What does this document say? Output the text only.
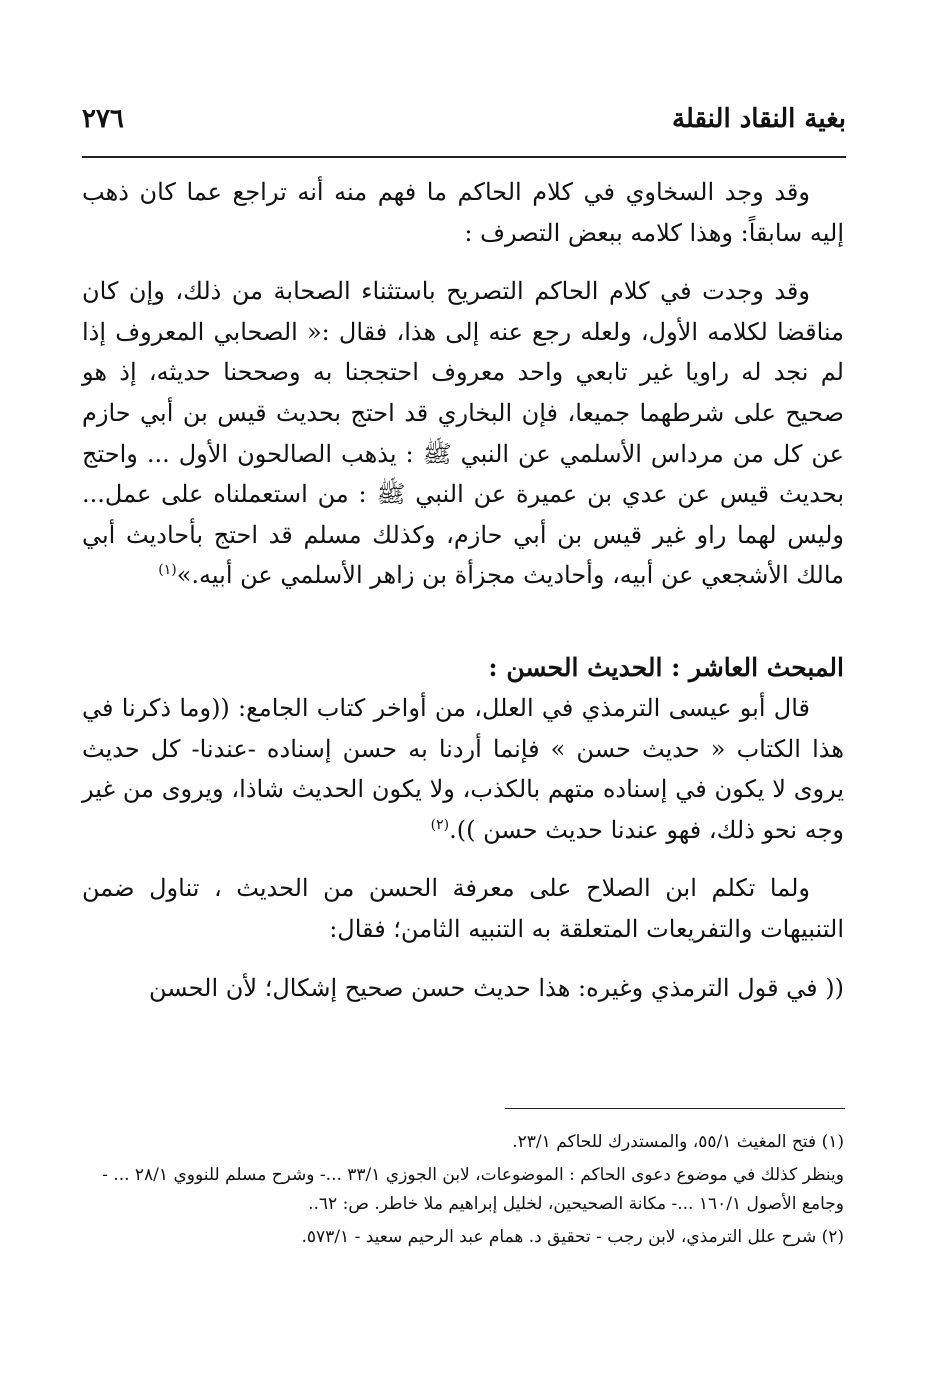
بغية النقاد النقلة
٢٧٦

وقد وجد السخاوي في كلام الحاكم ما فهم منه أنه تراجع عما كان ذهب إليه سابقاً: وهذا كلامه ببعض التصرف :

وقد وجدت في كلام الحاكم التصريح باستثناء الصحابة من ذلك، وإن كان مناقضا لكلامه الأول، ولعله رجع عنه إلى هذا، فقال :« الصحابي المعروف إذا لم نجد له راويا غير تابعي واحد معروف احتججنا به وصححنا حديثه، إذ هو صحيح على شرطهما جميعا، فإن البخاري قد احتج بحديث قيس بن أبي حازم عن كل من مرداس الأسلمي عن النبي ﷺ : يذهب الصالحون الأول ... واحتج بحديث قيس عن عدي بن عميرة عن النبي ﷺ : من استعملناه على عمل... وليس لهما راو غير قيس بن أبي حازم، وكذلك مسلم قد احتج بأحاديث أبي مالك الأشجعي عن أبيه، وأحاديث مجزأة بن زاهر الأسلمي عن أبيه.»$^{(١)}$

المبحث العاشر : الحديث الحسن :

قال أبو عيسى الترمذي في العلل، من أواخر كتاب الجامع: ((وما ذكرنا في هذا الكتاب « حديث حسن » فإنما أردنا به حسن إسناده -عندنا- كل حديث يروى لا يكون في إسناده متهم بالكذب، ولا يكون الحديث شاذا، ويروى من غير وجه نحو ذلك، فهو عندنا حديث حسن )).$^{(٢)}$

ولما تكلم ابن الصلاح على معرفة الحسن من الحديث ، تناول ضمن التنبيهات والتفريعات المتعلقة به التنبيه الثامن؛ فقال:

(( في قول الترمذي وغيره: هذا حديث حسن صحيح إشكال؛ لأن الحسن

(١) فتح المغيث ٥٥/١، والمستدرك للحاكم ٢٣/١.

وينظر كذلك في موضوع دعوى الحاكم : الموضوعات، لابن الجوزي ٣٣/١ ...- وشرح مسلم للنووي ٢٨/١ ... - وجامع الأصول ١٦٠/١ ...- مكانة الصحيحين، لخليل إبراهيم ملا خاطر. ص: ٦٢..

(٢) شرح علل الترمذي، لابن رجب - تحقيق د. همام عبد الرحيم سعيد - ٥٧٣/١.
